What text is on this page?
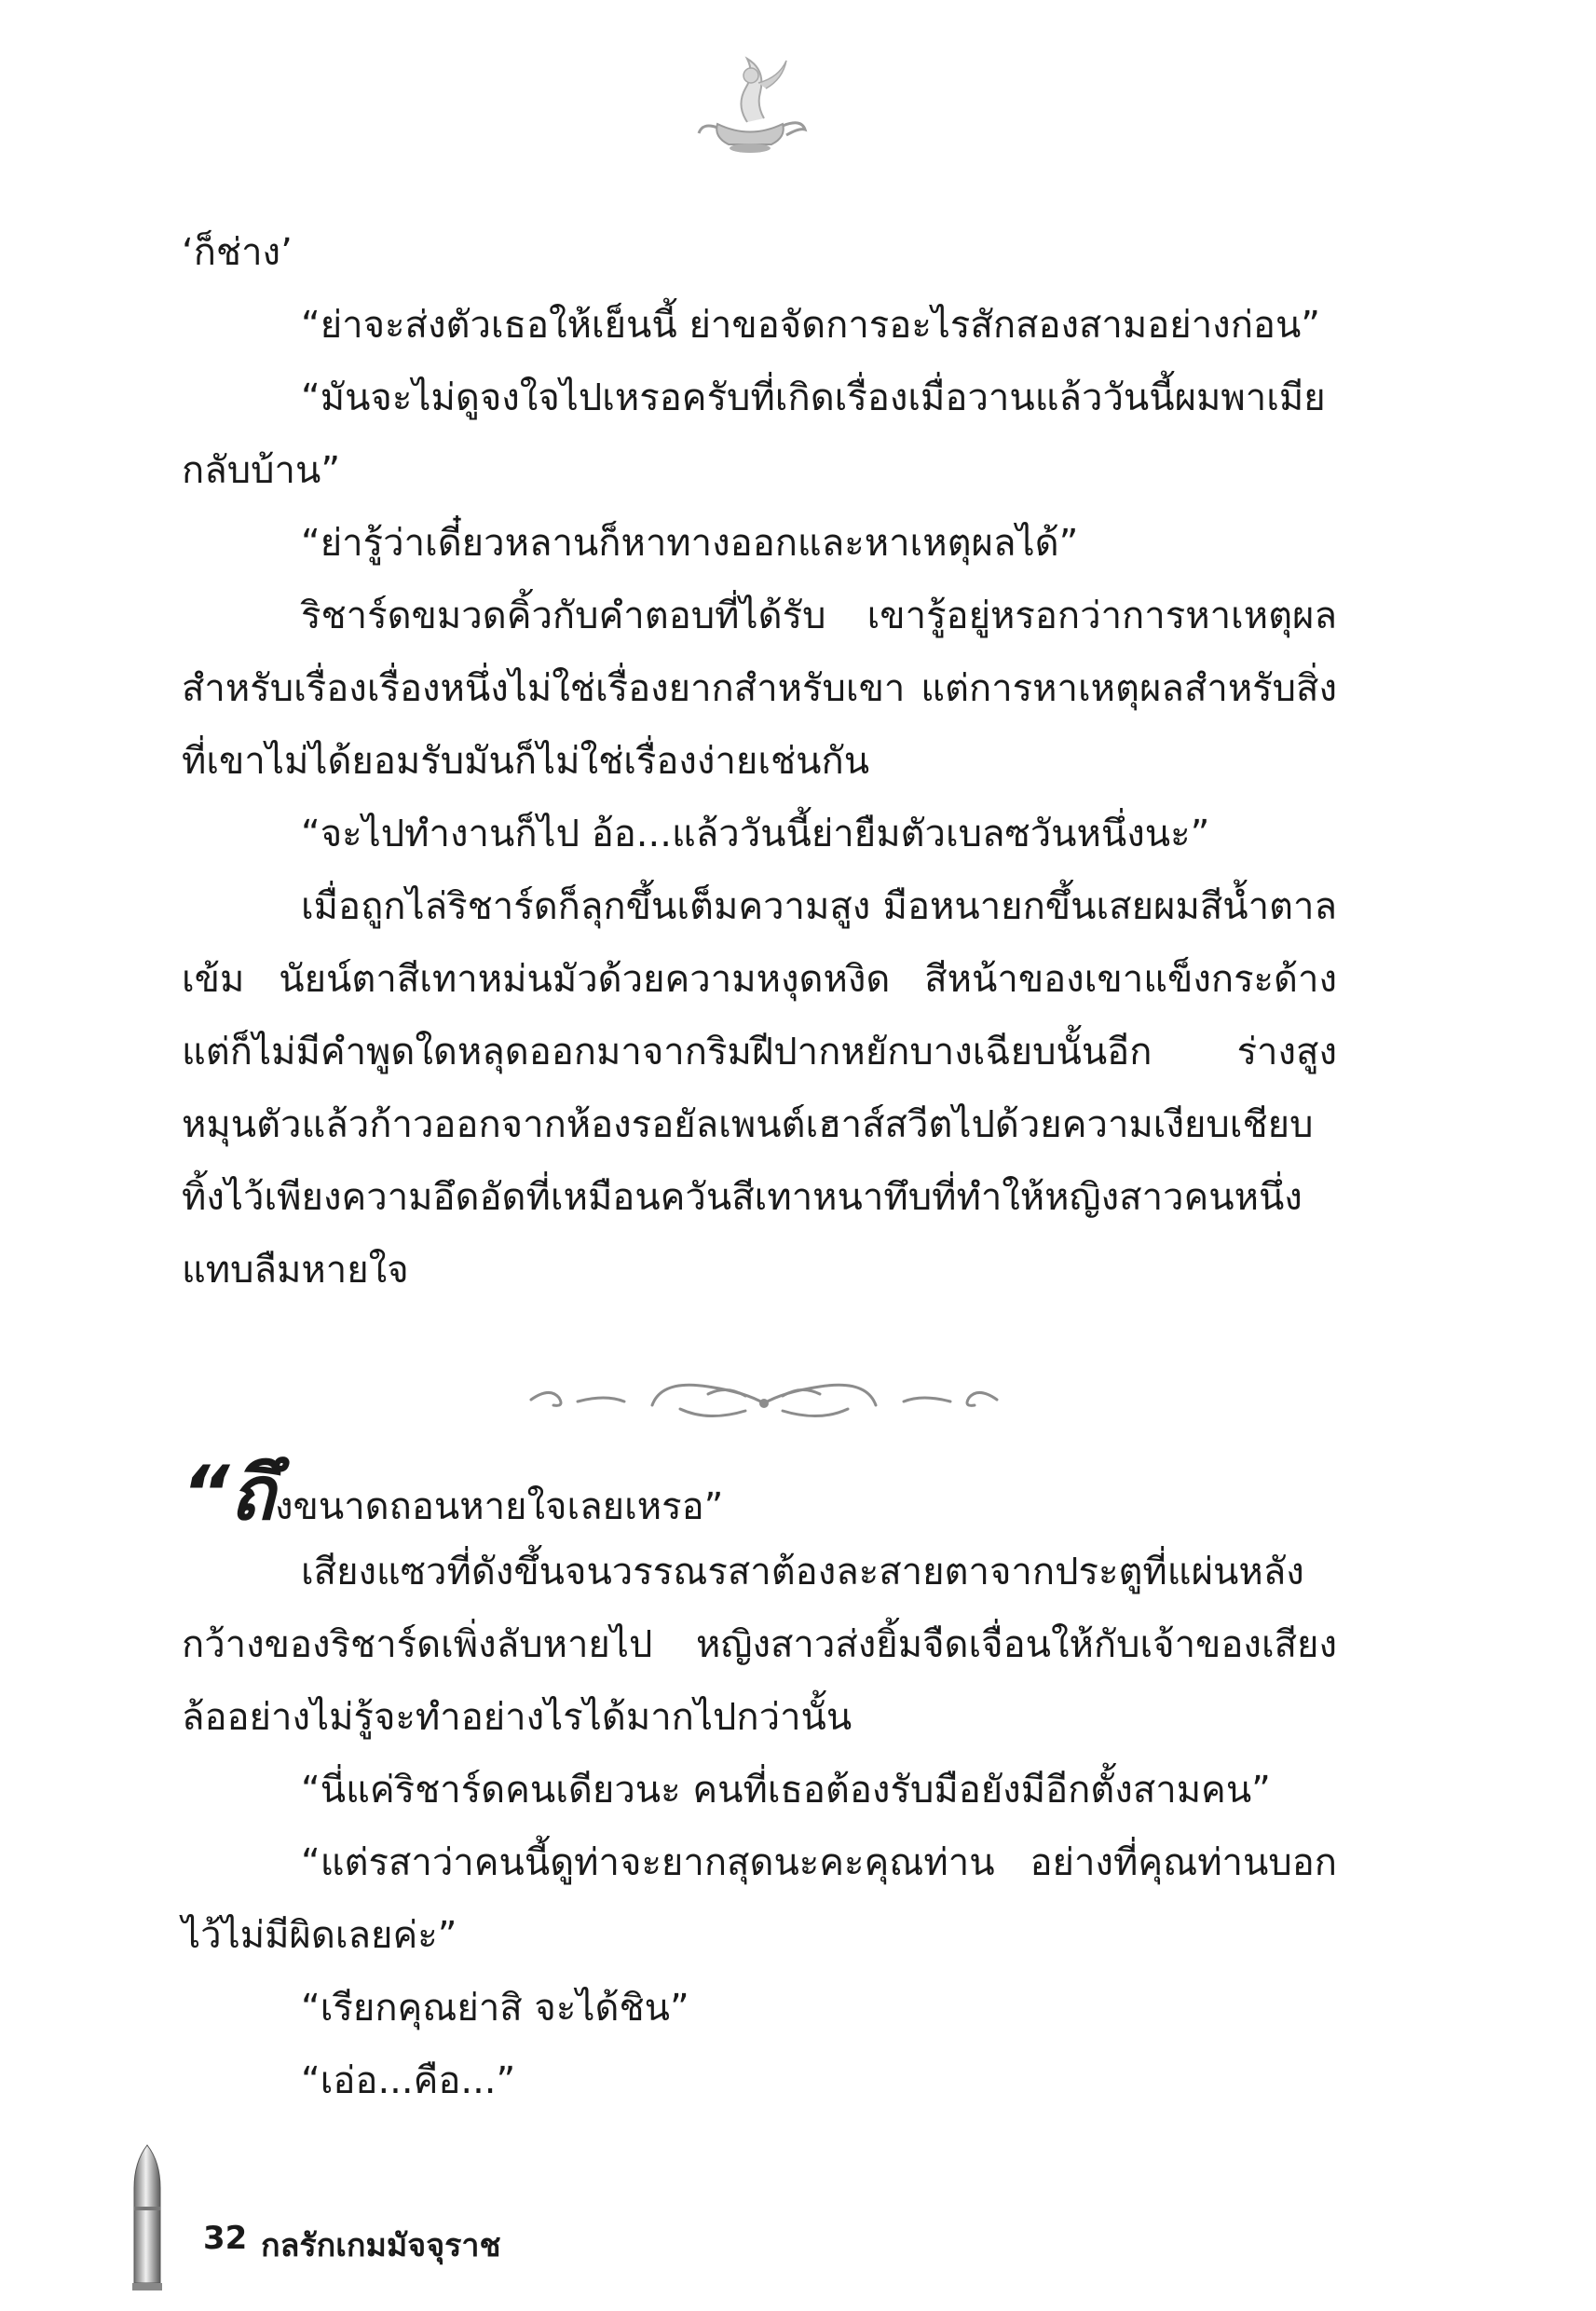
‘ก็ช่าง’

“ย่าจะส่งตัวเธอให้เย็นนี้ ย่าขอจัดการอะไรสักสองสามอย่างก่อน”

“มันจะไม่ดูจงใจไปเหรอครับที่เกิดเรื่องเมื่อวานแล้ววันนี้ผมพาเมียกลับบ้าน”

“ย่ารู้ว่าเดี๋ยวหลานก็หาทางออกและหาเหตุผลได้”

ริชาร์ดขมวดคิ้วกับคำตอบที่ได้รับ เขารู้อยู่หรอกว่าการหาเหตุผลสำหรับเรื่องเรื่องหนึ่งไม่ใช่เรื่องยากสำหรับเขา แต่การหาเหตุผลสำหรับสิ่งที่เขาไม่ได้ยอมรับมันก็ไม่ใช่เรื่องง่ายเช่นกัน

“จะไปทำงานก็ไป อ้อ...แล้ววันนี้ย่ายืมตัวเบลซวันหนึ่งนะ”

เมื่อถูกไล่ริชาร์ดก็ลุกขึ้นเต็มความสูง มือหนายกขึ้นเสยผมสีน้ำตาลเข้ม นัยน์ตาสีเทาหม่นมัวด้วยความหงุดหงิด สีหน้าของเขาแข็งกระด้าง แต่ก็ไม่มีคำพูดใดหลุดออกมาจากริมฝีปากหยักบางเฉียบนั้นอีก ร่างสูงหมุนตัวแล้วก้าวออกจากห้องรอยัลเพนต์เฮาส์สวีตไปด้วยความเงียบเชียบ ทิ้งไว้เพียงความอึดอัดที่เหมือนควันสีเทาหนาทึบที่ทำให้หญิงสาวคนหนึ่งแทบลืมหายใจ

“ถึงขนาดถอนหายใจเลยเหรอ”

เสียงแซวที่ดังขึ้นจนวรรณรสาต้องละสายตาจากประตูที่แผ่นหลังกว้างของริชาร์ดเพิ่งลับหายไป หญิงสาวส่งยิ้มจืดเจื่อนให้กับเจ้าของเสียงล้ออย่างไม่รู้จะทำอย่างไรได้มากไปกว่านั้น

“นี่แค่ริชาร์ดคนเดียวนะ คนที่เธอต้องรับมือยังมีอีกตั้งสามคน”

“แต่รสาว่าคนนี้ดูท่าจะยากสุดนะคะคุณท่าน อย่างที่คุณท่านบอกไว้ไม่มีผิดเลยค่ะ”

“เรียกคุณย่าสิ จะได้ชิน”

“เอ่อ...คือ...”

32 กลรักเกมมัจจุราช
